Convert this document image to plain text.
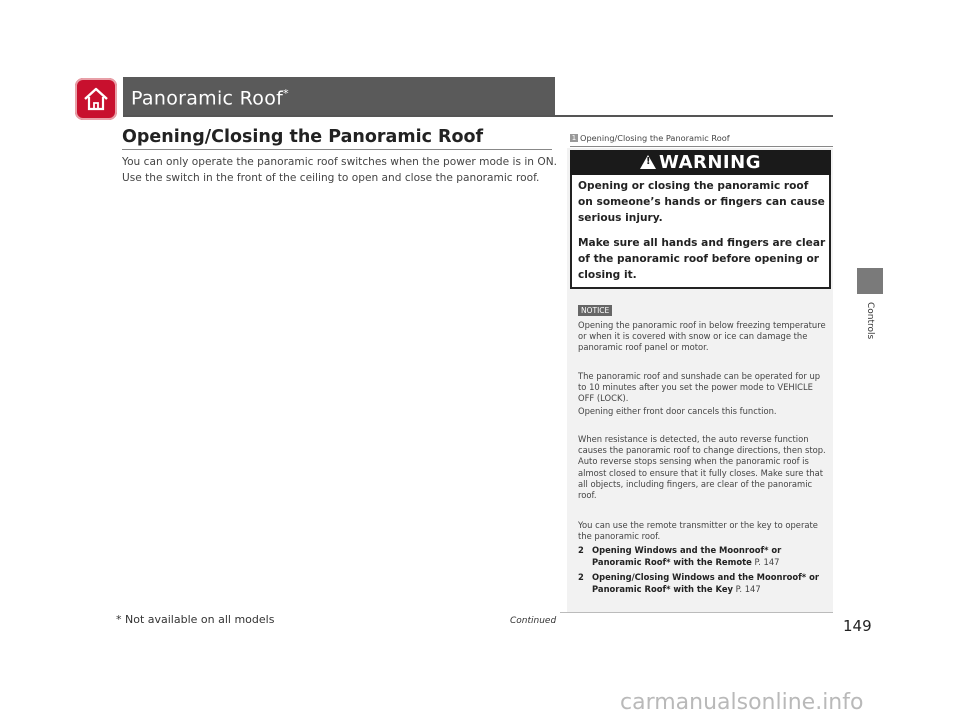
Panoramic Roof*
Opening/Closing the Panoramic Roof
You can only operate the panoramic roof switches when the power mode is in ON.
Use the switch in the front of the ceiling to open and close the panoramic roof.
1 Opening/Closing the Panoramic Roof
!WARNING
Opening or closing the panoramic roof on someone’s hands or fingers can cause serious injury.
Make sure all hands and fingers are clear of the panoramic roof before opening or closing it.
NOTICE
Opening the panoramic roof in below freezing temperature or when it is covered with snow or ice can damage the panoramic roof panel or motor.
The panoramic roof and sunshade can be operated for up to 10 minutes after you set the power mode to VEHICLE OFF (LOCK).
Opening either front door cancels this function.
When resistance is detected, the auto reverse function causes the panoramic roof to change directions, then stop. Auto reverse stops sensing when the panoramic roof is almost closed to ensure that it fully closes. Make sure that all objects, including fingers, are clear of the panoramic roof.
You can use the remote transmitter or the key to operate the panoramic roof.
2 Opening Windows and the Moonroof* or Panoramic Roof* with the Remote P. 147
2 Opening/Closing Windows and the Moonroof* or Panoramic Roof* with the Key P. 147
Controls
* Not available on all models	Continued	149
carmanualsonline.info
